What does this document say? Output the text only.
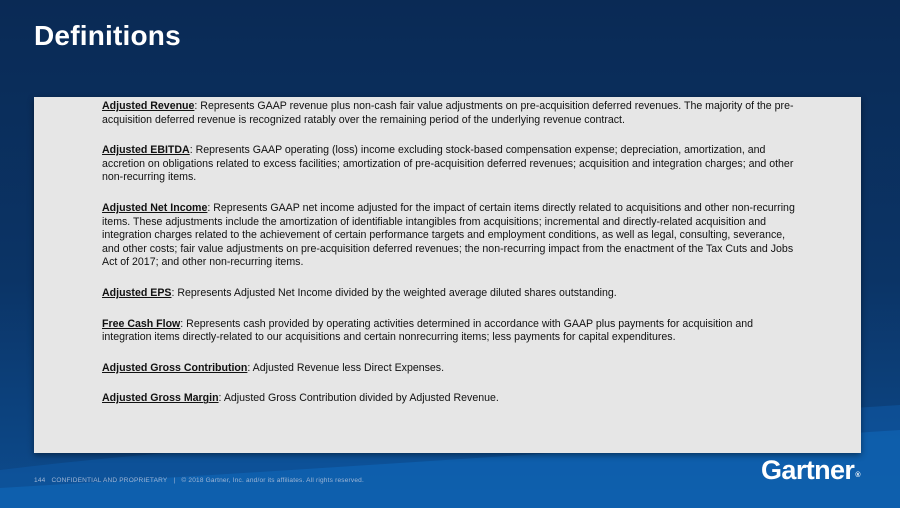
Definitions

Adjusted Revenue: Represents GAAP revenue plus non-cash fair value adjustments on pre-acquisition deferred revenues. The majority of the pre-acquisition deferred revenue is recognized ratably over the remaining period of the underlying revenue contract.

Adjusted EBITDA: Represents GAAP operating (loss) income excluding stock-based compensation expense; depreciation, amortization, and accretion on obligations related to excess facilities; amortization of pre-acquisition deferred revenues; acquisition and integration charges; and other non-recurring items.

Adjusted Net Income: Represents GAAP net income adjusted for the impact of certain items directly related to acquisitions and other non-recurring items. These adjustments include the amortization of identifiable intangibles from acquisitions; incremental and directly-related acquisition and integration charges related to the achievement of certain performance targets and employment conditions, as well as legal, consulting, severance, and other costs; fair value adjustments on pre-acquisition deferred revenues; the non-recurring impact from the enactment of the Tax Cuts and Jobs Act of 2017; and other non-recurring items.

Adjusted EPS: Represents Adjusted Net Income divided by the weighted average diluted shares outstanding.

Free Cash Flow: Represents cash provided by operating activities determined in accordance with GAAP plus payments for acquisition and integration items directly-related to our acquisitions and certain nonrecurring items; less payments for capital expenditures.

Adjusted Gross Contribution: Adjusted Revenue less Direct Expenses.

Adjusted Gross Margin: Adjusted Gross Contribution divided by Adjusted Revenue.

144 CONFIDENTIAL AND PROPRIETARY | © 2018 Gartner, Inc. and/or its affiliates. All rights reserved.	Gartner®
